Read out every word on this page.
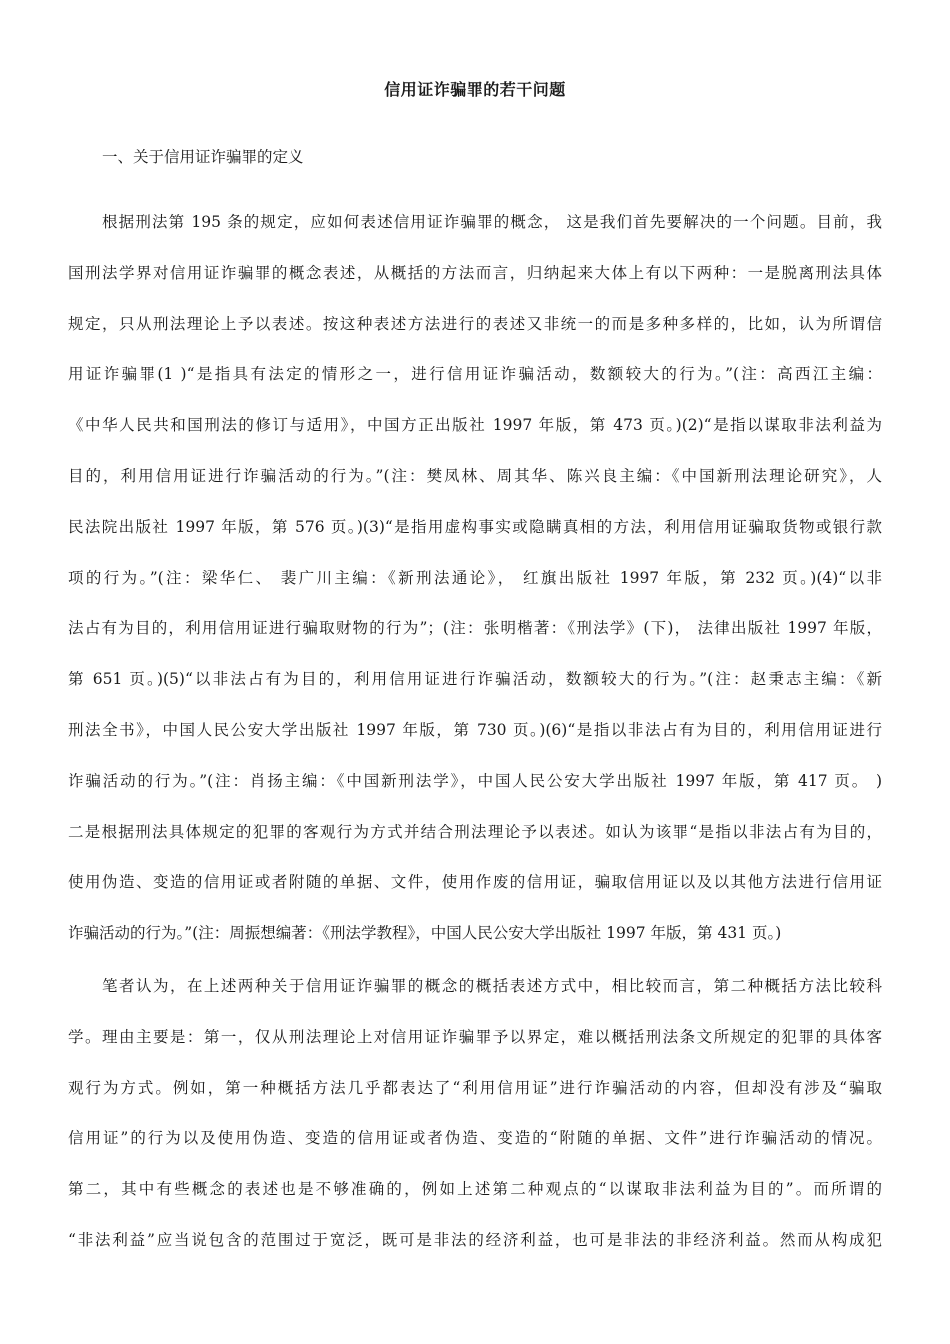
信用证诈骗罪的若干问题
一、关于信用证诈骗罪的定义
根据刑法第 195 条的规定，应如何表述信用证诈骗罪的概念， 这是我们首先要解决的一个问题。目前，我
国刑法学界对信用证诈骗罪的概念表述，从概括的方法而言，归纳起来大体上有以下两种：一是脱离刑法具体
规定，只从刑法理论上予以表述。按这种表述方法进行的表述又非统一的而是多种多样的，比如，认为所谓信
用证诈骗罪(1 )“是指具有法定的情形之一，进行信用证诈骗活动，数额较大的行为。”(注：高西江主编：
《中华人民共和国刑法的修订与适用》，中国方正出版社 1997 年版，第 473 页。)(2)“是指以谋取非法利益为
目的，利用信用证进行诈骗活动的行为。”(注：樊凤林、周其华、陈兴良主编：《中国新刑法理论研究》，人
民法院出版社 1997 年版，第 576 页。)(3)“是指用虚构事实或隐瞒真相的方法，利用信用证骗取货物或银行款
项的行为。”(注：梁华仁、 裴广川主编：《新刑法通论》， 红旗出版社 1997 年版，第 232 页。)(4)“以非
法占有为目的，利用信用证进行骗取财物的行为”；(注：张明楷著：《刑法学》(下)， 法律出版社 1997 年版，
第 651 页。)(5)“以非法占有为目的，利用信用证进行诈骗活动，数额较大的行为。”(注：赵秉志主编：《新
刑法全书》，中国人民公安大学出版社 1997 年版，第 730 页。)(6)“是指以非法占有为目的，利用信用证进行
诈骗活动的行为。”(注：肖扬主编：《中国新刑法学》，中国人民公安大学出版社 1997 年版，第 417 页。 )
二是根据刑法具体规定的犯罪的客观行为方式并结合刑法理论予以表述。如认为该罪“是指以非法占有为目的，
使用伪造、变造的信用证或者附随的单据、文件，使用作废的信用证，骗取信用证以及以其他方法进行信用证
诈骗活动的行为。”(注：周振想编著：《刑法学教程》，中国人民公安大学出版社 1997 年版，第 431 页。)
笔者认为，在上述两种关于信用证诈骗罪的概念的概括表述方式中，相比较而言，第二种概括方法比较科
学。理由主要是：第一，仅从刑法理论上对信用证诈骗罪予以界定，难以概括刑法条文所规定的犯罪的具体客
观行为方式。例如，第一种概括方法几乎都表达了“利用信用证”进行诈骗活动的内容，但却没有涉及“骗取
信用证”的行为以及使用伪造、变造的信用证或者伪造、变造的“附随的单据、文件”进行诈骗活动的情况。
第二，其中有些概念的表述也是不够准确的，例如上述第二种观点的“以谋取非法利益为目的”。而所谓的
“非法利益”应当说包含的范围过于宽泛，既可是非法的经济利益，也可是非法的非经济利益。然而从构成犯
